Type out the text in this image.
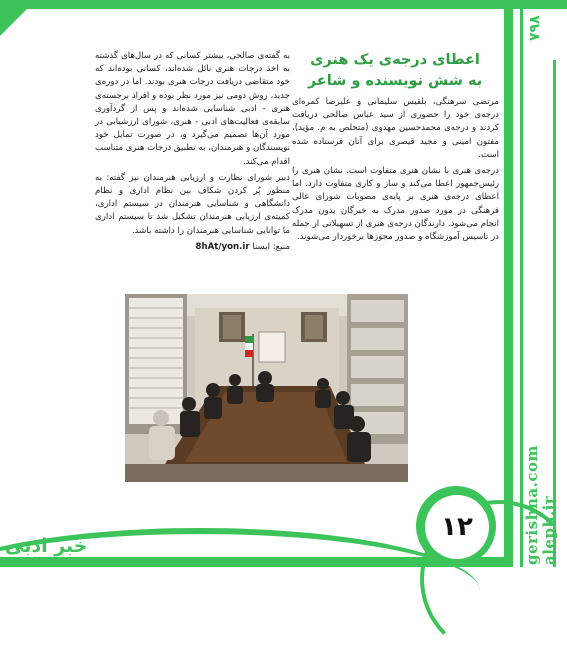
۷۹۸
gerishna.com aleph.ir
اعطای درجه‌ی یک هنری
به شش نویسنده و شاعر

مرتضی سرهنگی، بلقیس سلیمانی و علیرضا کمره‌ای درجه‌ی خود را حضوری از سید عباس صالحی دریافت کردند و درجه‌ی محمدحسین مهدوی (متخلص به م. مؤید)، مفتون امینی و مجید قیصری برای آنان فرستاده شده است.

درجه‌ی هنری با نشان هنری متفاوت است. نشان هنری را رئیس‌جمهور اعطا می‌کند و ساز و کاری متفاوت دارد. اما اعطای درجه‌ی هنری بر پایه‌ی مصوبات شورای عالی فرهنگی در مورد صدور مدرک به خبرگان بدون مدرک انجام می‌شود. دارندگان درجه‌ی هنری از تسهیلاتی از جمله در تاسیس آموزشگاه و صدور مجوزها برخوردار می‌شوند.

به گفته‌ی صالحی، بیشتر کسانی که در سال‌های گذشته به اخذ درجات هنری نائل شده‌اند، کسانی بوده‌اند که خود متقاضی دریافت درجات هنری بودند. اما در دوره‌ی جدید، روش دومی نیز مورد نظر بوده و افراد برجسته‌ی هنری - ادبی شناسایی شده‌اند و پس از گردآوری سابقه‌ی فعالیت‌های ادبی - هنری، شورای ارزشیابی در مورد آن‌ها تصمیم می‌گیرد و، در صورت تمایل خود نویسندگان و هنرمندان، به تطبیق درجات هنری متناسب اقدام می‌کند.

دبیر شورای نظارت و ارزیابی هنرمندان نیز گفته: به منظور پُر کردن شکاف بین نظام اداری و نظام دانشگاهی و شناسایی هنرمندان در سیستم اداری، کمیته‌ی ارزیابی هنرمندان تشکیل شد تا سیستم اداری ما توانایی شناسایی هنرمندان را داشته باشد.

منبع: ایسنا 8hAt/yon.ir
خبر ادبی
۱۲
